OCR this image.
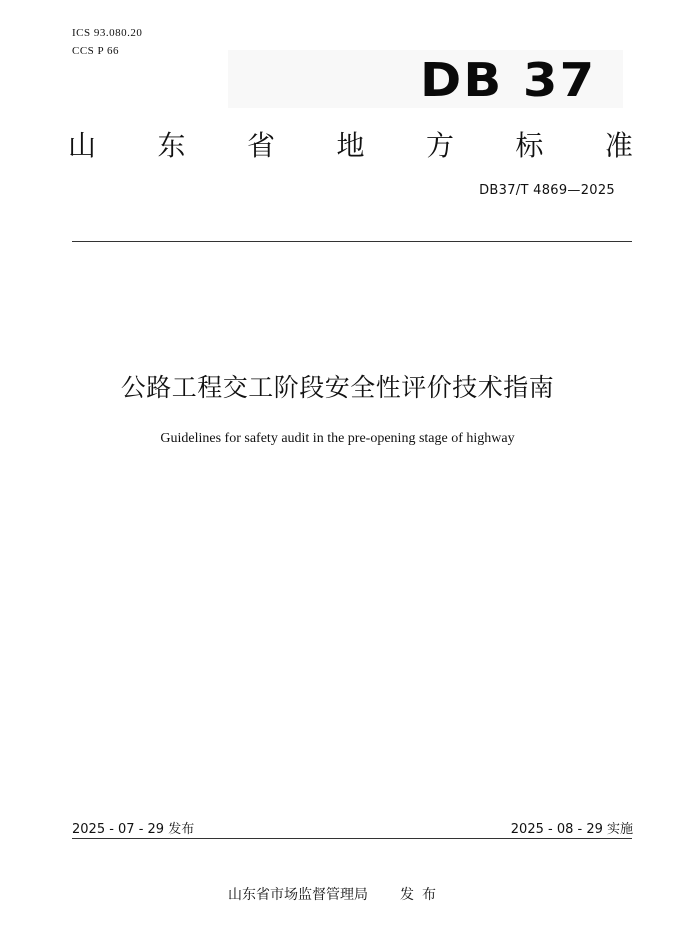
ICS 93.080.20
CCS P 66
DB 37
山 东 省 地 方 标 准
DB37/T 4869—2025
公路工程交工阶段安全性评价技术指南
Guidelines for safety audit in the pre-opening stage of highway
2025 - 07 - 29 发布	2025 - 08 - 29 实施
山东省市场监督管理局 发布
